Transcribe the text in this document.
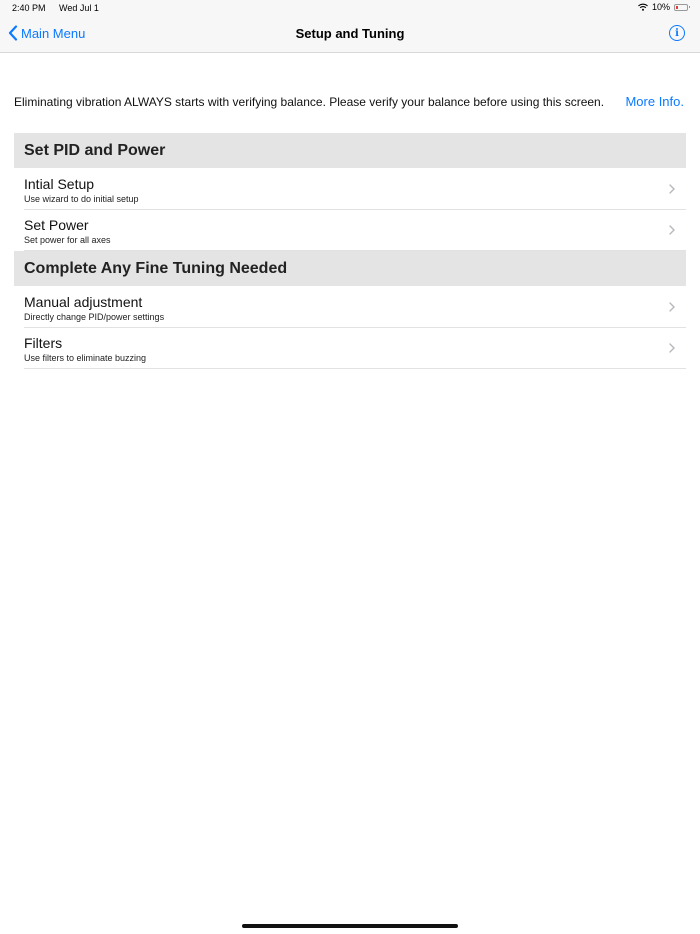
2:40 PM Wed Jul 1	10%
Main Menu	Setup and Tuning	i
Eliminating vibration ALWAYS starts with verifying balance. Please verify your balance before using this screen. More Info.
Set PID and Power
Intial Setup
Use wizard to do initial setup
Set Power
Set power for all axes
Complete Any Fine Tuning Needed
Manual adjustment
Directly change PID/power settings
Filters
Use filters to eliminate buzzing
